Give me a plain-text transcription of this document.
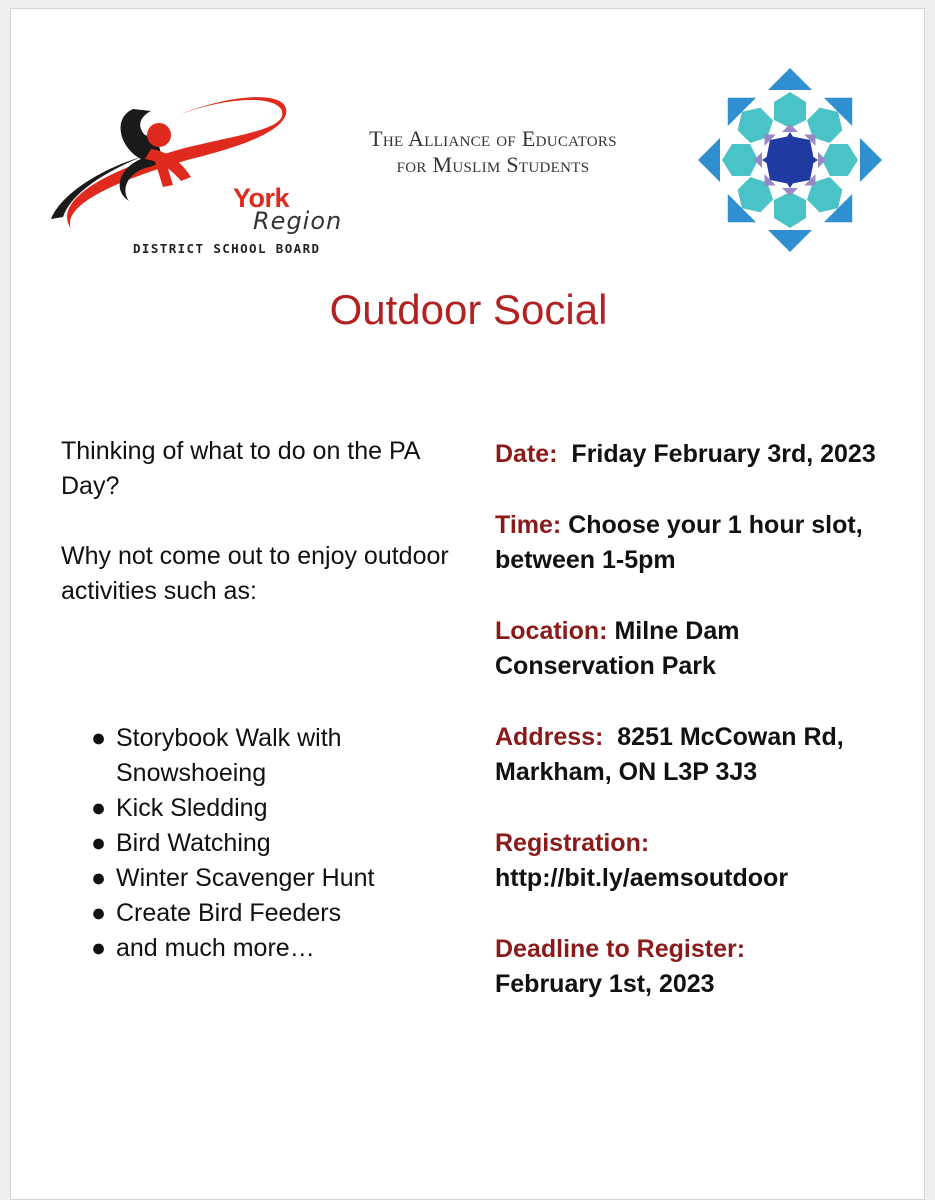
York
Region
DISTRICT SCHOOL BOARD
The Alliance of Educators
for Muslim Students
Outdoor Social

Thinking of what to do on the PA Day?

Why not come out to enjoy outdoor activities such as:

● Storybook Walk with Snowshoeing
● Kick Sledding
● Bird Watching
● Winter Scavenger Hunt
● Create Bird Feeders
● and much more…
Date: Friday February 3rd, 2023
Time: Choose your 1 hour slot, between 1-5pm
Location: Milne Dam Conservation Park
Address: 8251 McCowan Rd, Markham, ON L3P 3J3
Registration:
http://bit.ly/aemsoutdoor
Deadline to Register:
February 1st, 2023
